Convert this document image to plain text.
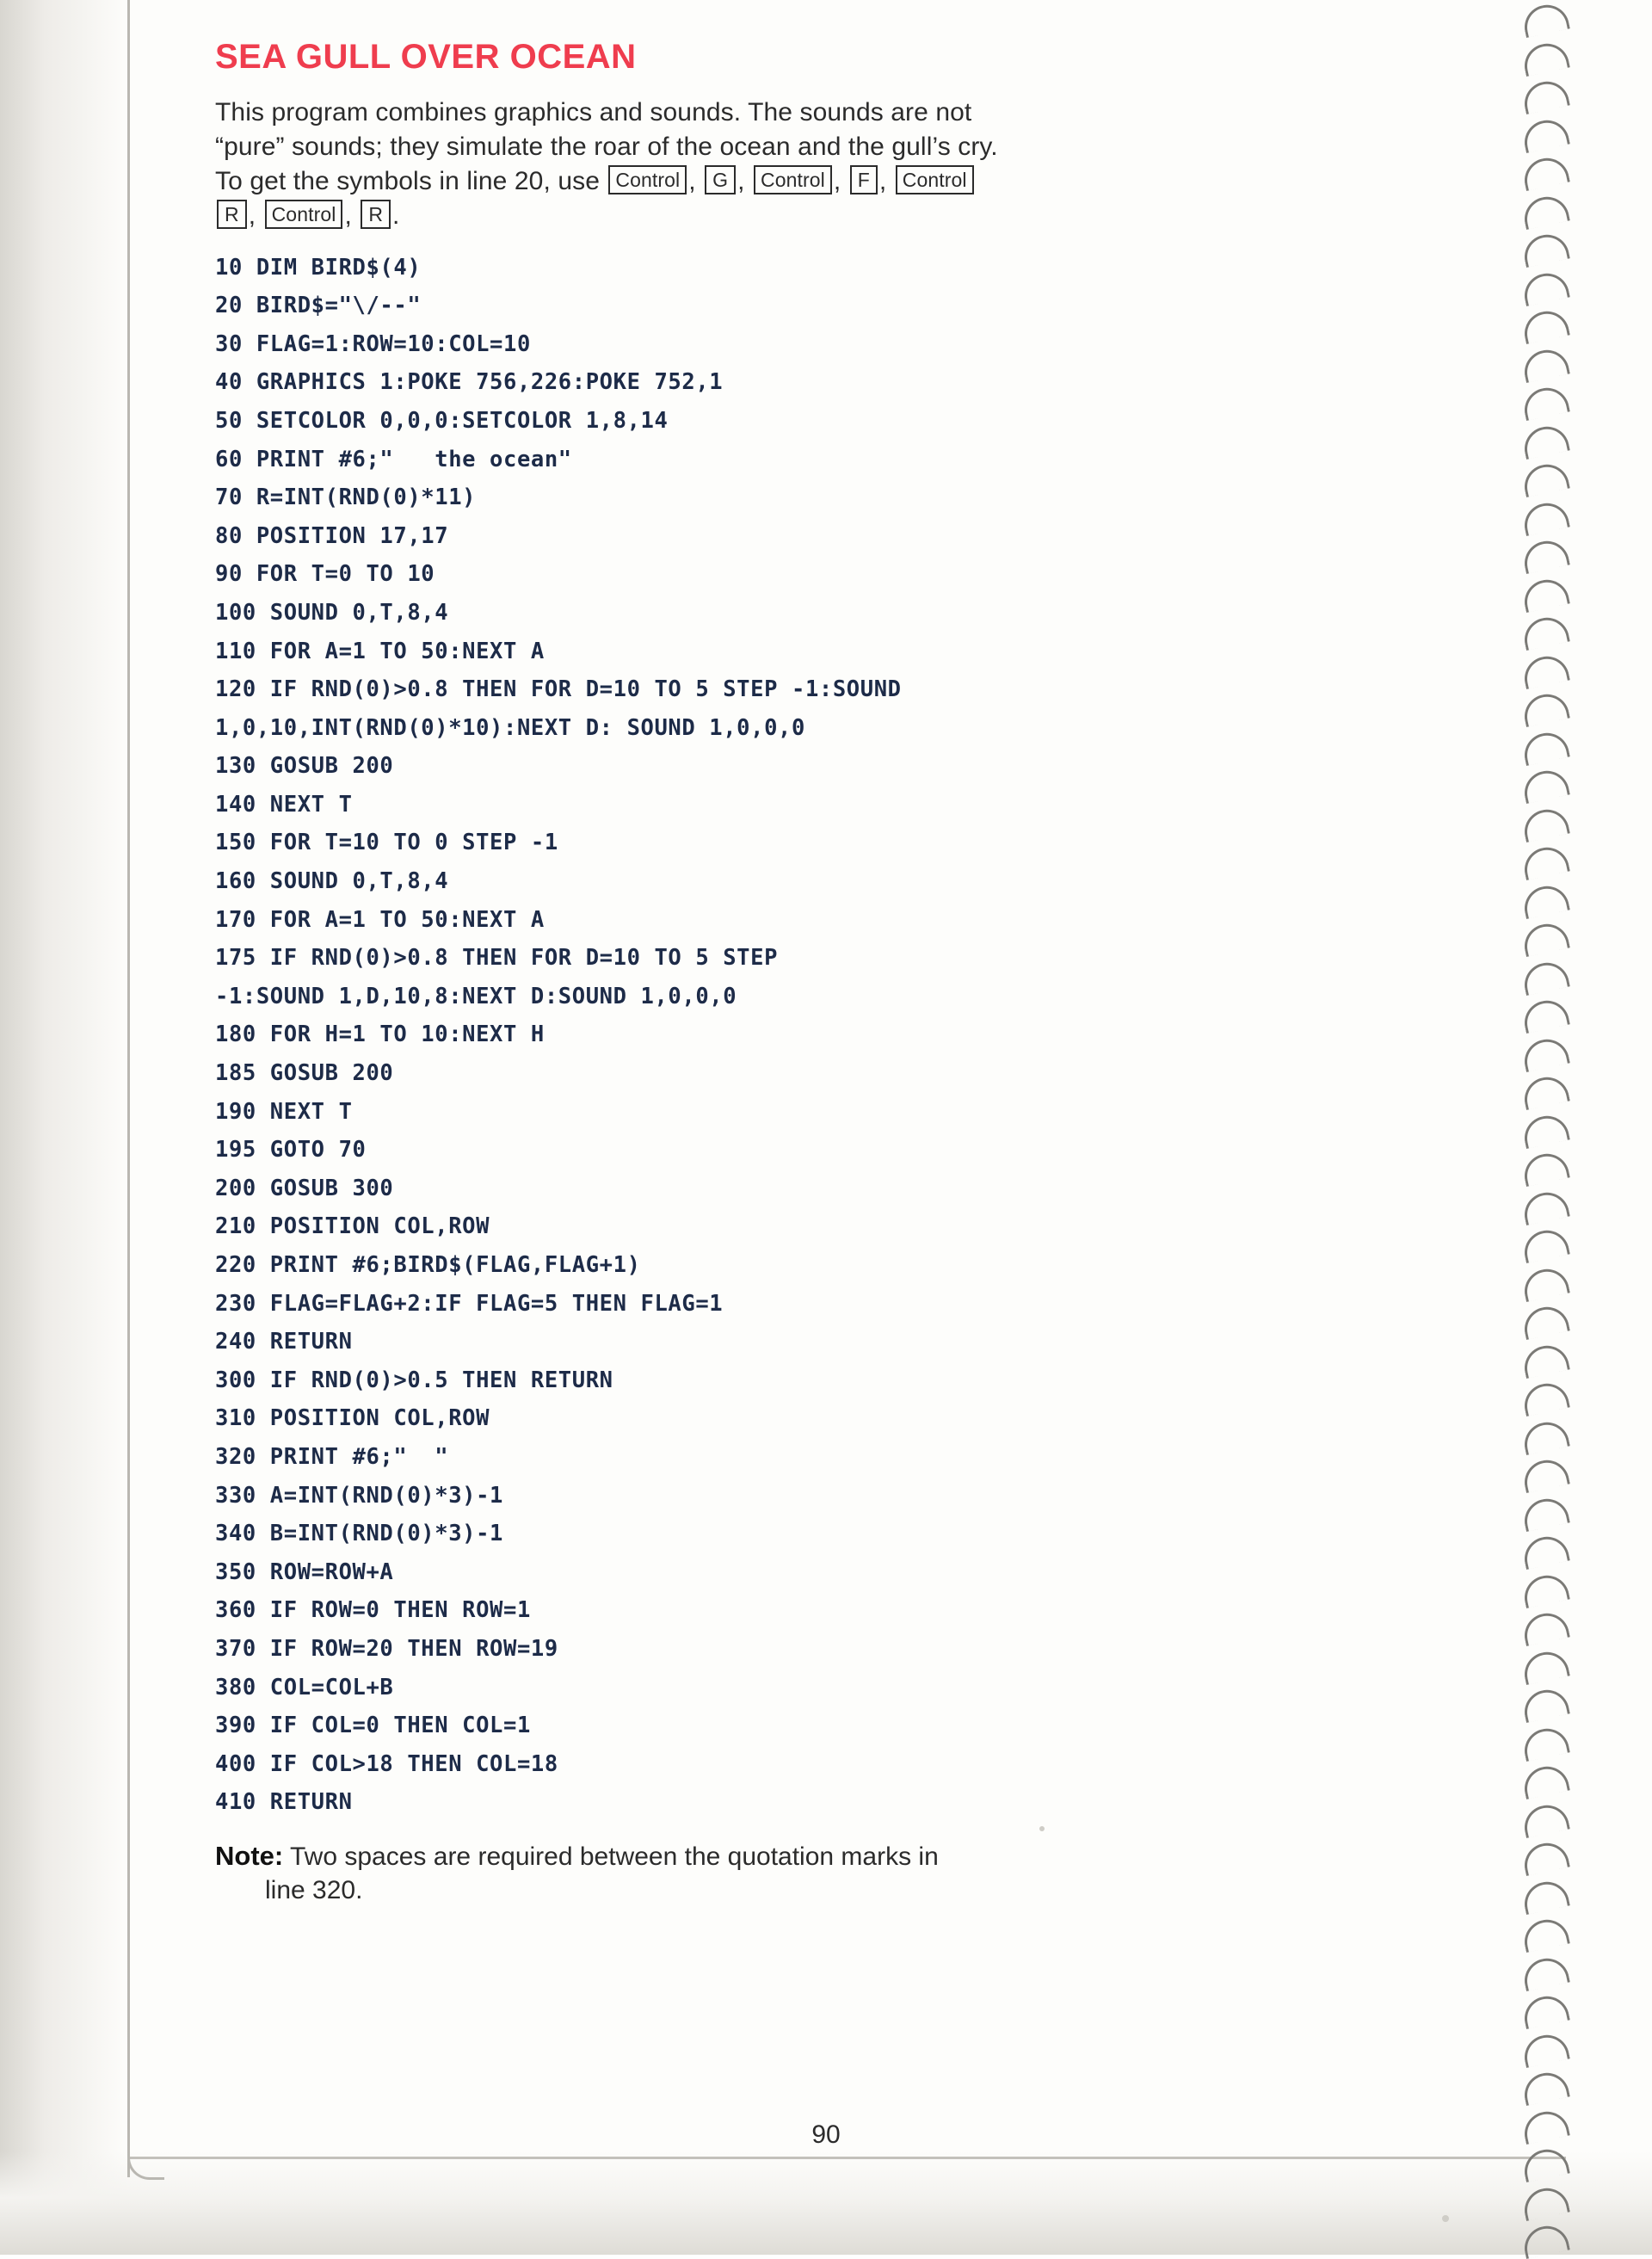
SEA GULL OVER OCEAN

This program combines graphics and sounds. The sounds are not

“pure” sounds; they simulate the roar of the ocean and the gull’s cry.

To get the symbols in line 20, use Control , G , Control , F , Control

R , Control , R .

10 DIM BIRD$(4)
20 BIRD$="\/--"
30 FLAG=1:ROW=10:COL=10
40 GRAPHICS 1:POKE 756,226:POKE 752,1
50 SETCOLOR 0,0,0:SETCOLOR 1,8,14
60 PRINT #6;"   the ocean"
70 R=INT(RND(0)*11)
80 POSITION 17,17
90 FOR T=0 TO 10
100 SOUND 0,T,8,4
110 FOR A=1 TO 50:NEXT A
120 IF RND(0)>0.8 THEN FOR D=10 TO 5 STEP -1:SOUND
1,0,10,INT(RND(0)*10):NEXT D: SOUND 1,0,0,0
130 GOSUB 200
140 NEXT T
150 FOR T=10 TO 0 STEP -1
160 SOUND 0,T,8,4
170 FOR A=1 TO 50:NEXT A
175 IF RND(0)>0.8 THEN FOR D=10 TO 5 STEP
-1:SOUND 1,D,10,8:NEXT D:SOUND 1,0,0,0
180 FOR H=1 TO 10:NEXT H
185 GOSUB 200
190 NEXT T
195 GOTO 70
200 GOSUB 300
210 POSITION COL,ROW
220 PRINT #6;BIRD$(FLAG,FLAG+1)
230 FLAG=FLAG+2:IF FLAG=5 THEN FLAG=1
240 RETURN
300 IF RND(0)>0.5 THEN RETURN
310 POSITION COL,ROW
320 PRINT #6;"  "
330 A=INT(RND(0)*3)-1
340 B=INT(RND(0)*3)-1
350 ROW=ROW+A
360 IF ROW=0 THEN ROW=1
370 IF ROW=20 THEN ROW=19
380 COL=COL+B
390 IF COL=0 THEN COL=1
400 IF COL>18 THEN COL=18
410 RETURN
Note: Two spaces are required between the quotation marks in
line 320.
90
